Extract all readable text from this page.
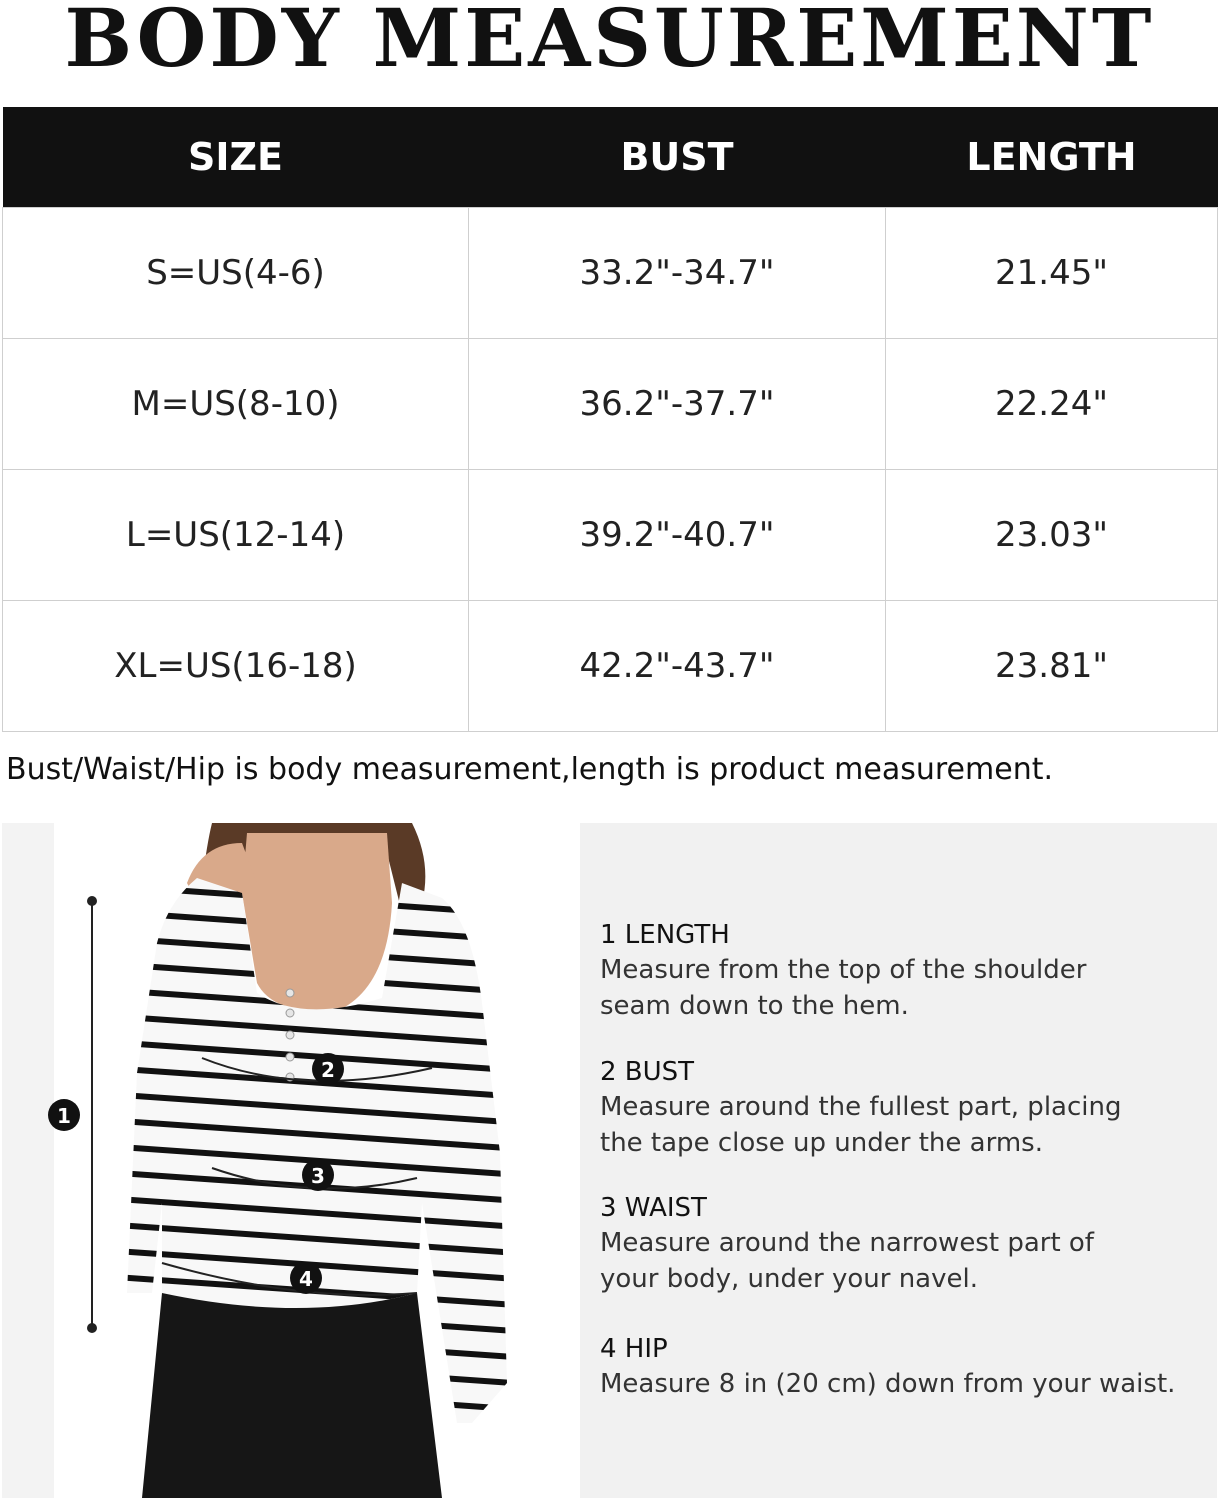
BODY MEASUREMENT
SIZE	BUST	LENGTH
S=US(4-6)	33.2"-34.7"	21.45"
M=US(8-10)	36.2"-37.7"	22.24"
L=US(12-14)	39.2"-40.7"	23.03"
XL=US(16-18)	42.2"-43.7"	23.81"
Bust/Waist/Hip is body measurement,length is product measurement.
1
2
3
4
1 LENGTH
Measure from the top of the shoulder
seam down to the hem.
2 BUST
Measure around the fullest part, placing
the tape close up under the arms.
3 WAIST
Measure around the narrowest part of
your body, under your navel.
4 HIP
Measure 8 in (20 cm) down from your waist.
